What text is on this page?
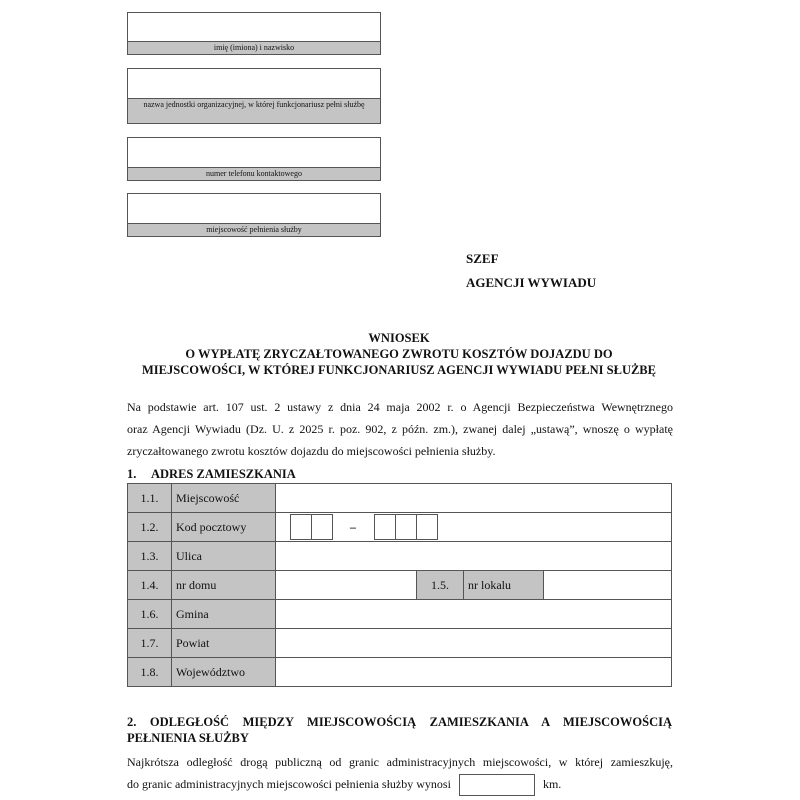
imię (imiona) i nazwisko
nazwa jednostki organizacyjnej, w której funkcjonariusz pełni służbę
numer telefonu kontaktowego
miejscowość pełnienia służby
SZEF
AGENCJI WYWIADU
WNIOSEK
O WYPŁATĘ ZRYCZAŁTOWANEGO ZWROTU KOSZTÓW DOJAZDU DO
MIEJSCOWOŚCI, W KTÓREJ FUNKCJONARIUSZ AGENCJI WYWIADU PEŁNI SŁUŻBĘ
Na podstawie art. 107 ust. 2 ustawy z dnia 24 maja 2002 r. o Agencji Bezpieczeństwa Wewnętrznego
oraz Agencji Wywiadu (Dz. U. z 2025 r. poz. 902, z późn. zm.), zwanej dalej „ustawą”, wnoszę o wypłatę
zryczałtowanego zwrotu kosztów dojazdu do miejscowości pełnienia służby.
1. ADRES ZAMIESZKANIA
1.1.	Miejscowość				
1.2.	Kod pocztowy	–			
1.3.	Ulica				
1.4.	nr domu		1.5.	nr lokalu	
1.6.	Gmina				
1.7.	Powiat				
1.8.	Województwo				
2. ODLEGŁOŚĆ MIĘDZY MIEJSCOWOŚCIĄ ZAMIESZKANIA A MIEJSCOWOŚCIĄ
PEŁNIENIA SŁUŻBY
Najkrótsza odległość drogą publiczną od granic administracyjnych miejscowości, w której zamieszkuję,
do granic administracyjnych miejscowości pełnienia służby wynosi	km.
